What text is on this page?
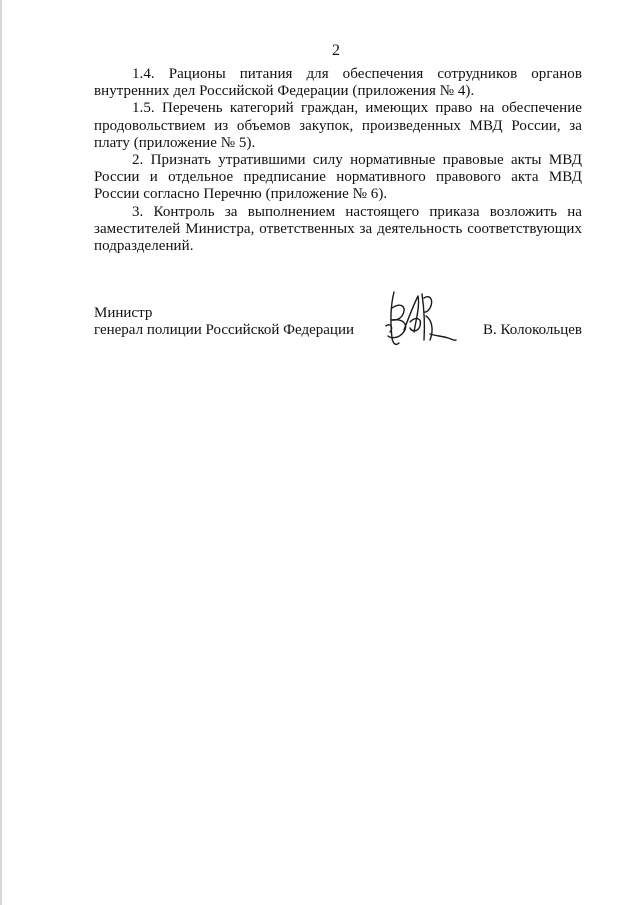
2

1.4. Рационы питания для обеспечения сотрудников органов внутренних дел Российской Федерации (приложения № 4).

1.5. Перечень категорий граждан, имеющих право на обеспечение продовольствием из объемов закупок, произведенных МВД России, за плату (приложение № 5).

2. Признать утратившими силу нормативные правовые акты МВД России и отдельное предписание нормативного правового акта МВД России согласно Перечню (приложение № 6).

3. Контроль за выполнением настоящего приказа возложить на заместителей Министра, ответственных за деятельность соответствующих подразделений.

Министр
генерал полиции Российской Федерации	В. Колокольцев
